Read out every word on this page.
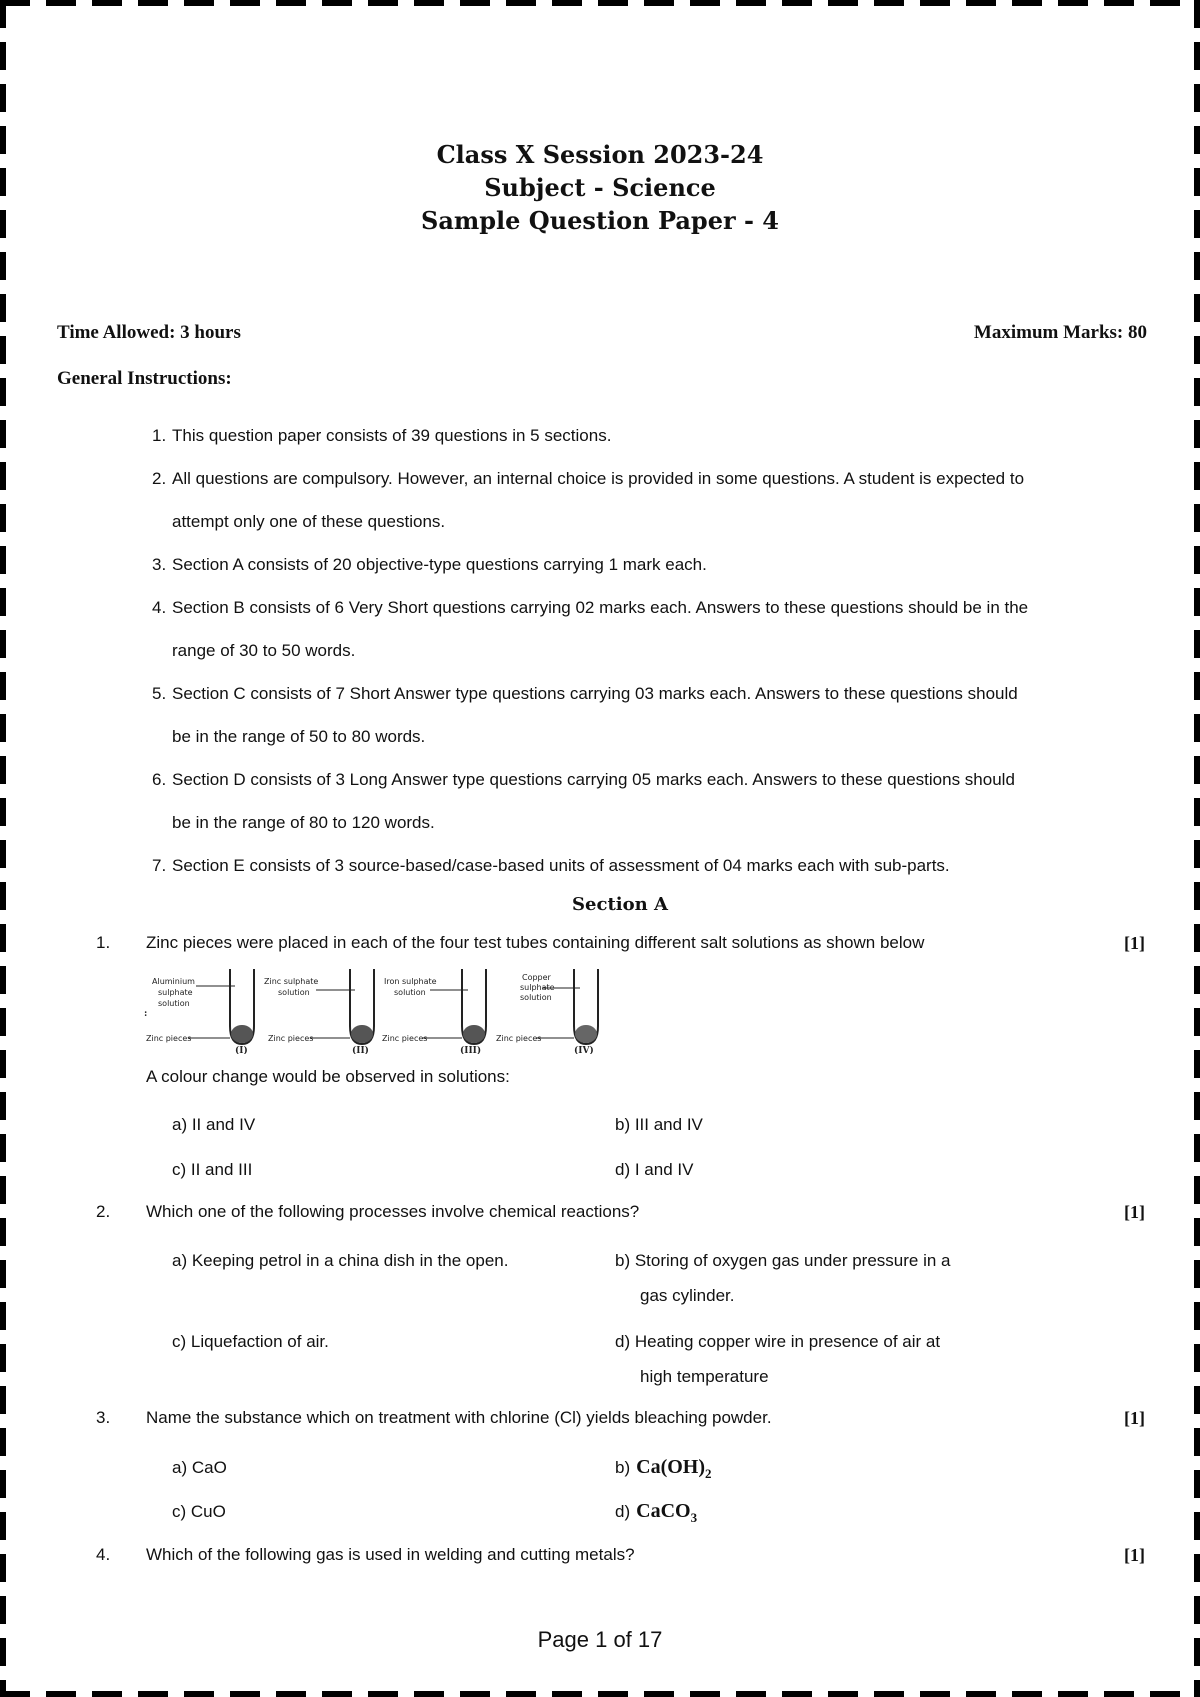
Class X Session 2023-24
Subject - Science
Sample Question Paper - 4
Time Allowed: 3 hours	Maximum Marks: 80
General Instructions:
1. This question paper consists of 39 questions in 5 sections.
2. All questions are compulsory. However, an internal choice is provided in some questions. A student is expected to
attempt only one of these questions.
3. Section A consists of 20 objective-type questions carrying 1 mark each.
4. Section B consists of 6 Very Short questions carrying 02 marks each. Answers to these questions should be in the
range of 30 to 50 words.
5. Section C consists of 7 Short Answer type questions carrying 03 marks each. Answers to these questions should
be in the range of 50 to 80 words.
6. Section D consists of 3 Long Answer type questions carrying 05 marks each. Answers to these questions should
be in the range of 80 to 120 words.
7. Section E consists of 3 source-based/case-based units of assessment of 04 marks each with sub-parts.
Section A
1. Zinc pieces were placed in each of the four test tubes containing different salt solutions as shown below	[1]
:
Aluminium
sulphate
solution
Zinc pieces
(I)
Zinc sulphate
solution
Zinc pieces
(II)
Iron sulphate
solution
Zinc pieces
(III)
Copper
sulphate
solution
Zinc pieces
(IV)
A colour change would be observed in solutions:
a) II and IV	b) III and IV
c) II and III	d) I and IV
2. Which one of the following processes involve chemical reactions?	[1]
a) Keeping petrol in a china dish in the open.	b) Storing of oxygen gas under pressure in a
gas cylinder.
c) Liquefaction of air.	d) Heating copper wire in presence of air at
high temperature
3. Name the substance which on treatment with chlorine (Cl) yields bleaching powder.	[1]
a) CaO	b) $Ca(OH)_2$
c) CuO	d) CaCO$_3$
4. Which of the following gas is used in welding and cutting metals?	[1]
Page 1 of 17
